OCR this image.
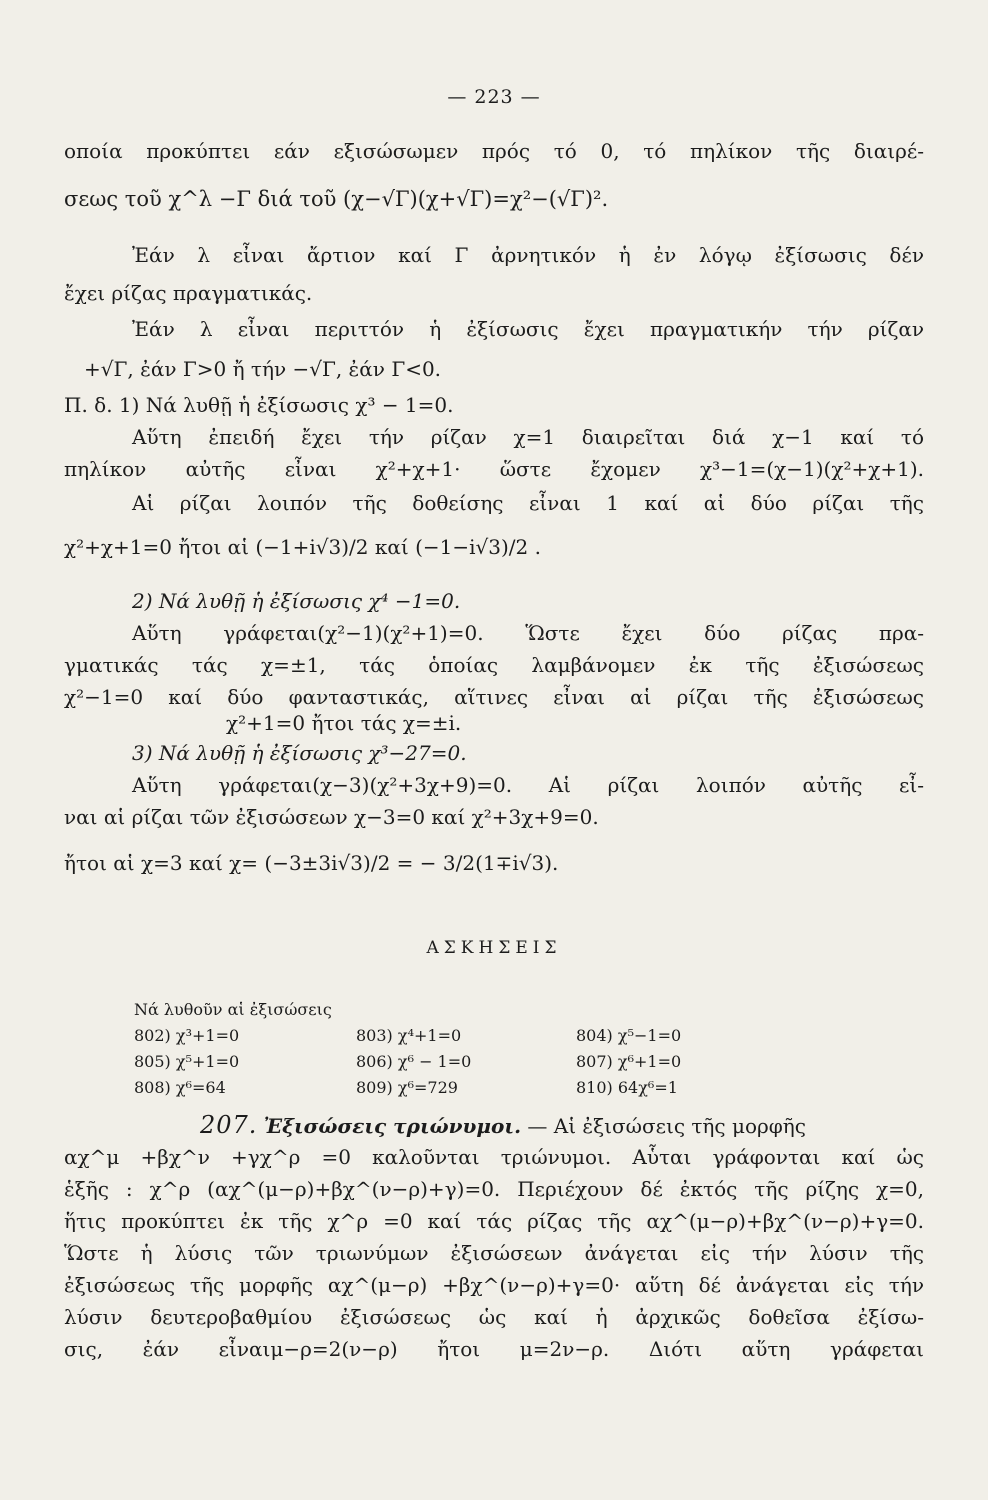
— 223 —
οποία προκύπτει εάν εξισώσωμεν πρός τό 0, τό πηλίκον τῆς διαιρέ-
σεως τοῦ χ^λ −Γ διά τοῦ (χ−√Γ)(χ+√Γ)=χ²−(√Γ)².
Ἐάν λ εἶναι ἄρτιον καί Γ ἀρνητικόν ἡ ἐν λόγῳ ἐξίσωσις δέν
ἔχει ρίζας πραγματικάς.
Ἐάν λ εἶναι περιττόν ἡ ἐξίσωσις ἔχει πραγματικήν τήν ρίζαν
+√Γ, ἐάν Γ>0 ἤ τήν −√Γ, ἐάν Γ<0.
Π. δ. 1) Νά λυθῇ ἡ ἐξίσωσις χ³ − 1=0.
Αὕτη ἐπειδή ἔχει τήν ρίζαν χ=1 διαιρεῖται διά χ−1 καί τό
πηλίκον αὐτῆς εἶναι χ²+χ+1· ὥστε ἔχομεν χ³−1=(χ−1)(χ²+χ+1).
Αἱ ρίζαι λοιπόν τῆς δοθείσης εἶναι 1 καί αἱ δύο ρίζαι τῆς
χ²+χ+1=0 ἤτοι αἱ (−1+i√3)/2 καί (−1−i√3)/2 .
2) Νά λυθῇ ἡ ἐξίσωσις χ⁴ −1=0.
Αὕτη γράφεται(χ²−1)(χ²+1)=0. Ὥστε ἔχει δύο ρίζας πρα-
γματικάς τάς χ=±1, τάς ὁποίας λαμβάνομεν ἐκ τῆς ἐξισώσεως
χ²−1=0 καί δύο φανταστικάς, αἵτινες εἶναι αἱ ρίζαι τῆς ἐξισώσεως
χ²+1=0 ἤτοι τάς χ=±i.
3) Νά λυθῇ ἡ ἐξίσωσις χ³−27=0.
Αὕτη γράφεται(χ−3)(χ²+3χ+9)=0. Αἱ ρίζαι λοιπόν αὐτῆς εἶ-
ναι αἱ ρίζαι τῶν ἐξισώσεων χ−3=0 καί χ²+3χ+9=0.
ἤτοι αἱ χ=3 καί χ= (−3±3i√3)/2 = − 3/2(1∓i√3).
ΑΣΚΗΣΕΙΣ
Νά λυθοῦν αἱ ἐξισώσεις
802) χ³+1=0	803) χ⁴+1=0	804) χ⁵−1=0
805) χ⁵+1=0	806) χ⁶ − 1=0	807) χ⁶+1=0
808) χ⁶=64	809) χ⁶=729	810) 64χ⁶=1
207. Ἐξισώσεις τριώνυμοι. — Αἱ ἐξισώσεις τῆς μορφῆς
αχ^μ +βχ^ν +γχ^ρ =0 καλοῦνται τριώνυμοι. Αὗται γράφονται καί ὡς
ἑξῆς : χ^ρ (αχ^(μ−ρ)+βχ^(ν−ρ)+γ)=0. Περιέχουν δέ ἐκτός τῆς ρίζης χ=0,
ἥτις προκύπτει ἐκ τῆς χ^ρ =0 καί τάς ρίζας τῆς αχ^(μ−ρ)+βχ^(ν−ρ)+γ=0.
Ὥστε ἡ λύσις τῶν τριωνύμων ἐξισώσεων ἀνάγεται εἰς τήν λύσιν τῆς
ἐξισώσεως τῆς μορφῆς αχ^(μ−ρ) +βχ^(ν−ρ)+γ=0· αὕτη δέ ἀνάγεται εἰς τήν
λύσιν δευτεροβαθμίου ἐξισώσεως ὡς καί ἡ ἀρχικῶς δοθεῖσα ἐξίσω-
σις, ἐάν εἶναιμ−ρ=2(ν−ρ) ἤτοι μ=2ν−ρ. Διότι αὕτη γράφεται
